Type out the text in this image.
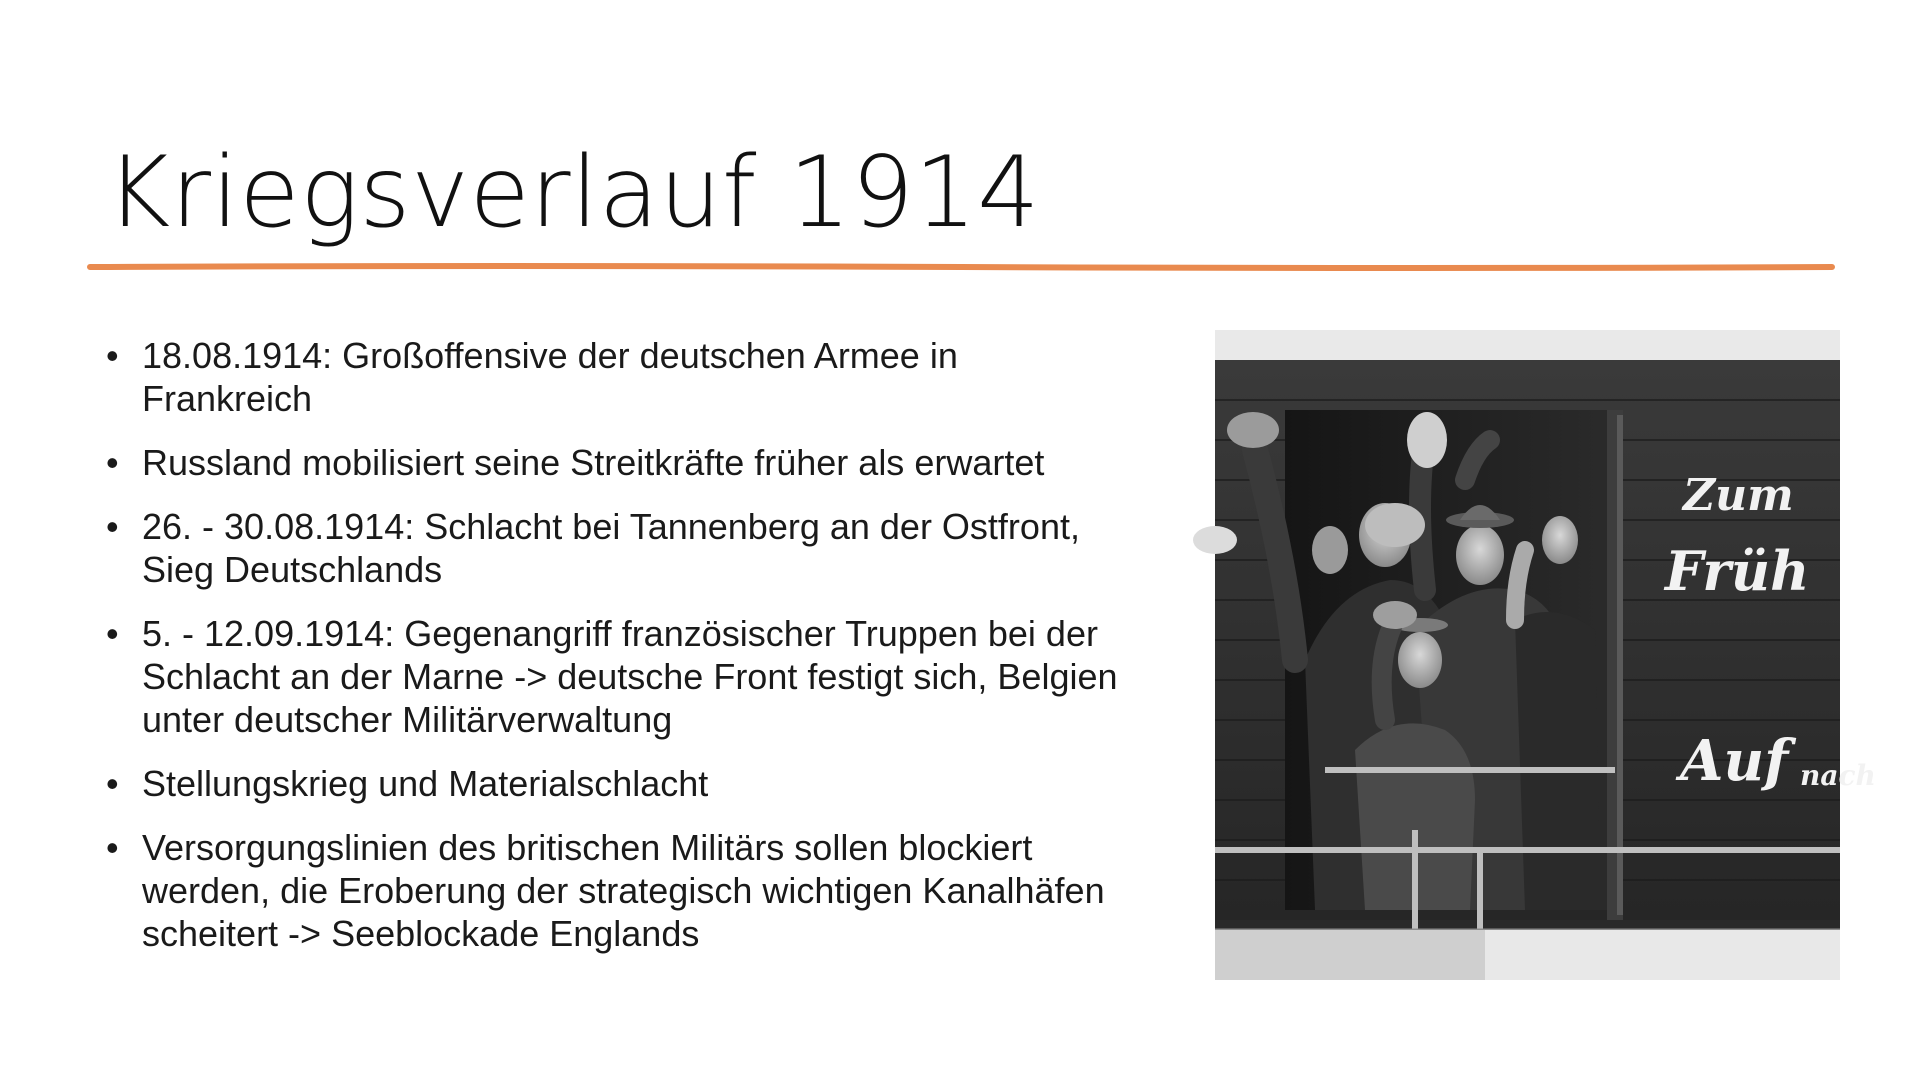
Kriegsverlauf 1914
• 18.08.1914: Großoffensive der deutschen Armee in
Frankreich
• Russland mobilisiert seine Streitkräfte früher als erwartet
• 26. - 30.08.1914: Schlacht bei Tannenberg an der Ostfront,
Sieg Deutschlands
• 5. - 12.09.1914: Gegenangriff französischer Truppen bei der
Schlacht an der Marne -> deutsche Front festigt sich, Belgien
unter deutscher Militärverwaltung
• Stellungskrieg und Materialschlacht
• Versorgungslinien des britischen Militärs sollen blockiert
werden, die Eroberung der strategisch wichtigen Kanalhäfen
scheitert -> Seeblockade Englands
Zum
Früh
Auf nach
